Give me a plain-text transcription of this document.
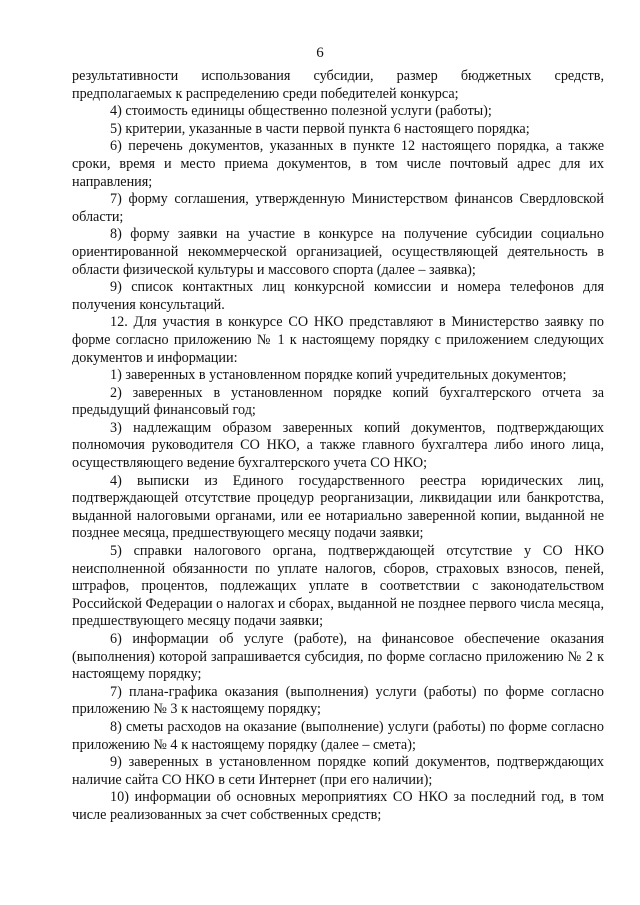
6

результативности использования субсидии, размер бюджетных средств, предполагаемых к распределению среди победителей конкурса;

4) стоимость единицы общественно полезной услуги (работы);

5) критерии, указанные в части первой пункта 6 настоящего порядка;

6) перечень документов, указанных в пункте 12 настоящего порядка, а также сроки, время и место приема документов, в том числе почтовый адрес для их направления;

7) форму соглашения, утвержденную Министерством финансов Свердловской области;

8) форму заявки на участие в конкурсе на получение субсидии социально ориентированной некоммерческой организацией, осуществляющей деятельность в области физической культуры и массового спорта (далее – заявка);

9) список контактных лиц конкурсной комиссии и номера телефонов для получения консультаций.

12. Для участия в конкурсе СО НКО представляют в Министерство заявку по форме согласно приложению № 1 к настоящему порядку с приложением следующих документов и информации:

1) заверенных в установленном порядке копий учредительных документов;

2) заверенных в установленном порядке копий бухгалтерского отчета за предыдущий финансовый год;

3) надлежащим образом заверенных копий документов, подтверждающих полномочия руководителя СО НКО, а также главного бухгалтера либо иного лица, осуществляющего ведение бухгалтерского учета СО НКО;

4) выписки из Единого государственного реестра юридических лиц, подтверждающей отсутствие процедур реорганизации, ликвидации или банкротства, выданной налоговыми органами, или ее нотариально заверенной копии, выданной не позднее месяца, предшествующего месяцу подачи заявки;

5) справки налогового органа, подтверждающей отсутствие у СО НКО неисполненной обязанности по уплате налогов, сборов, страховых взносов, пеней, штрафов, процентов, подлежащих уплате в соответствии с законодательством Российской Федерации о налогах и сборах, выданной не позднее первого числа месяца, предшествующего месяцу подачи заявки;

6) информации об услуге (работе), на финансовое обеспечение оказания (выполнения) которой запрашивается субсидия, по форме согласно приложению № 2 к настоящему порядку;

7) плана-графика оказания (выполнения) услуги (работы) по форме согласно приложению № 3 к настоящему порядку;

8) сметы расходов на оказание (выполнение) услуги (работы) по форме согласно приложению № 4 к настоящему порядку (далее – смета);

9) заверенных в установленном порядке копий документов, подтверждающих наличие сайта СО НКО в сети Интернет (при его наличии);

10) информации об основных мероприятиях СО НКО за последний год, в том числе реализованных за счет собственных средств;
